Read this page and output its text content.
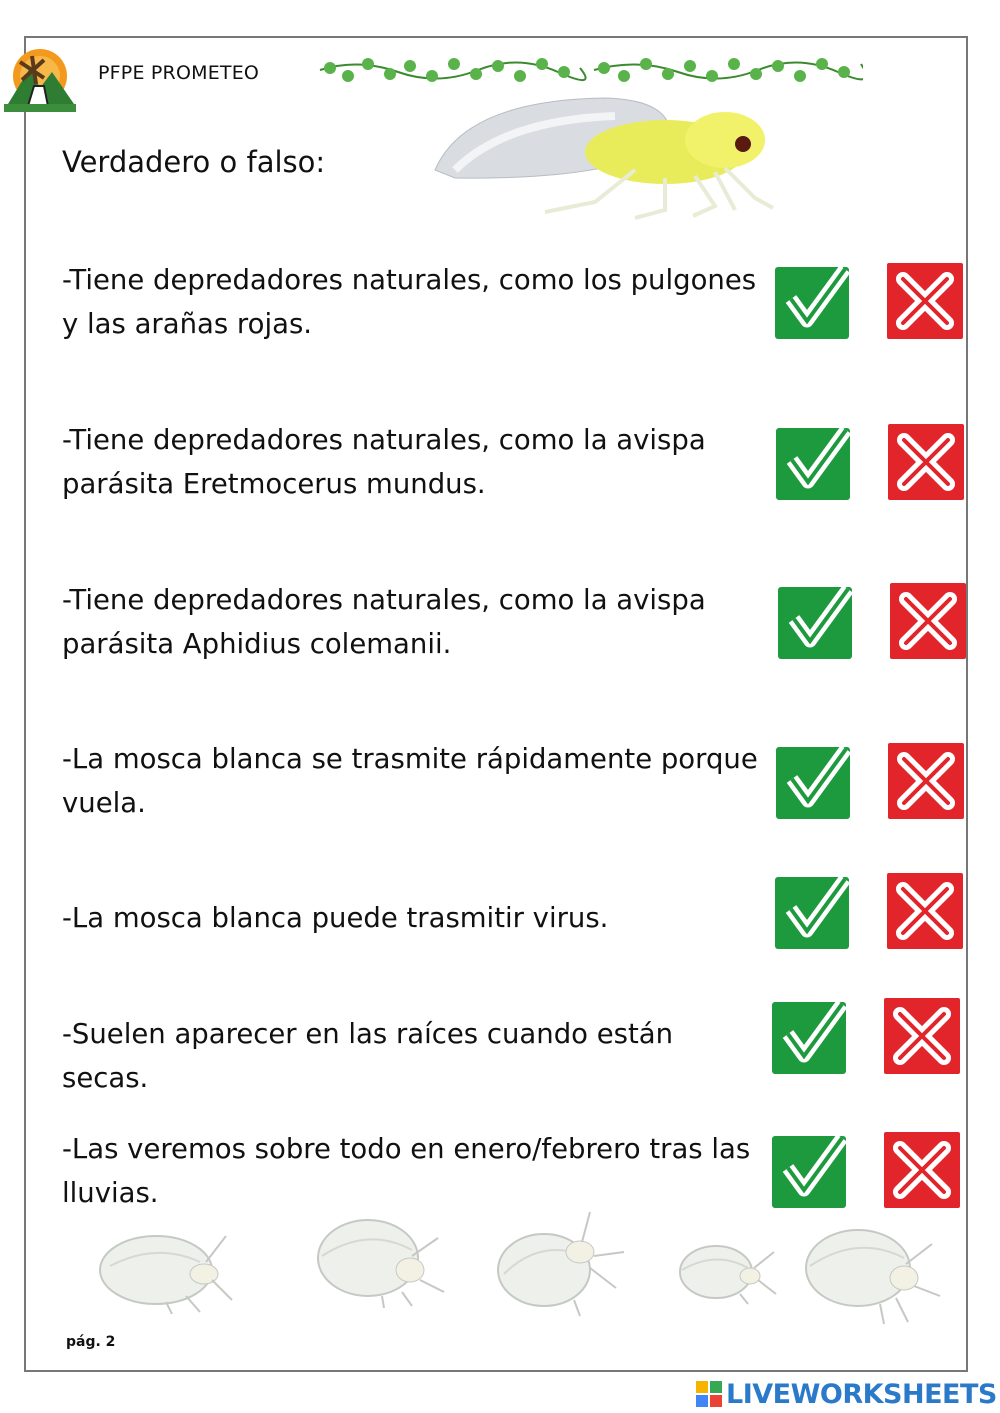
PFPE PROMETEO
Verdadero o falso:
-Tiene depredadores naturales, como los pulgones
y las arañas rojas.
-Tiene depredadores naturales, como la avispa
parásita Eretmocerus mundus.
-Tiene depredadores naturales, como la avispa
parásita Aphidius colemanii.
-La mosca blanca se trasmite rápidamente porque
vuela.
-La mosca blanca puede trasmitir virus.
-Suelen aparecer en las raíces cuando están secas.
-Las veremos sobre todo en enero/febrero tras las
lluvias.
pág. 2
LIVEWORKSHEETS
